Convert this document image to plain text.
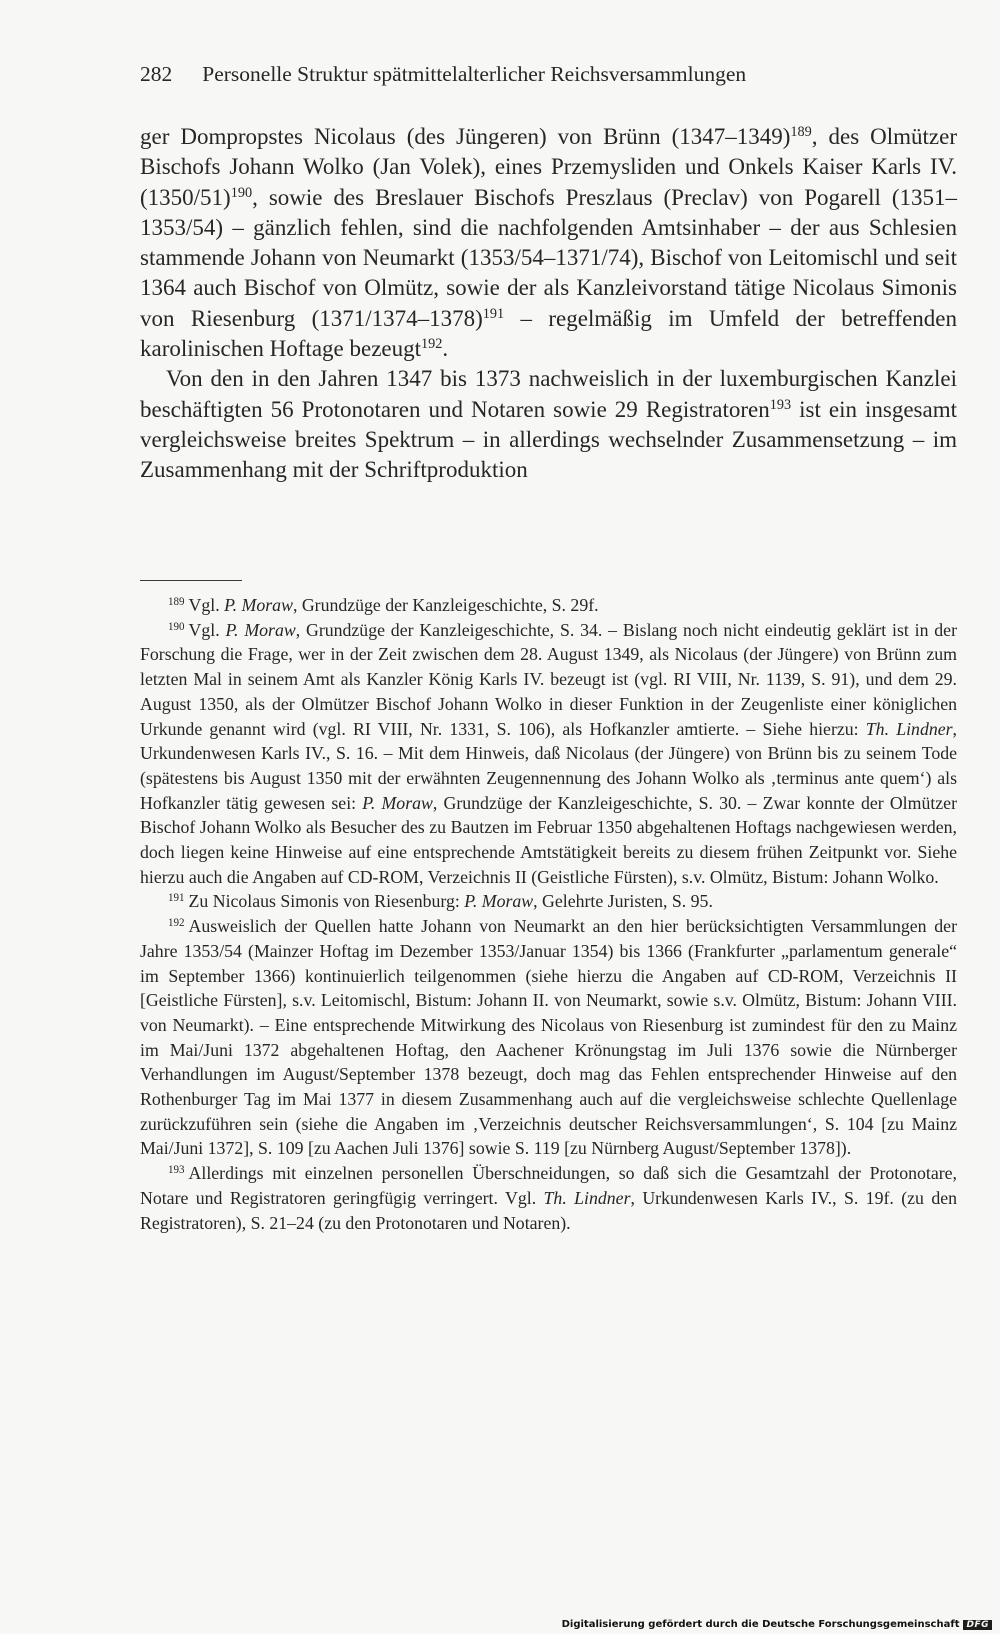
282 Personelle Struktur spätmittelalterlicher Reichsversammlungen

ger Dompropstes Nicolaus (des Jüngeren) von Brünn (1347–1349)$^{189}$, des Olmützer Bischofs Johann Wolko (Jan Volek), eines Przemysliden und Onkels Kaiser Karls IV. $(1350/51)^{190}$, sowie des Breslauer Bischofs Preszlaus (Preclav) von Pogarell (1351–1353/54) – gänzlich fehlen, sind die nachfolgenden Amtsinhaber – der aus Schlesien stammende Johann von Neumarkt (1353/54–1371/74), Bischof von Leitomischl und seit 1364 auch Bischof von Olmütz, sowie der als Kanzleivorstand tätige Nicolaus Simonis von Riesenburg $(1371/1374-1378)^{191}$ – regelmäßig im Umfeld der betreffenden karolinischen Hoftage bezeugt$^{192}$.

Von den in den Jahren 1347 bis 1373 nachweislich in der luxemburgischen Kanzlei beschäftigten 56 Protonotaren und Notaren sowie 29 Registratoren$^{193}$ ist ein insgesamt vergleichsweise breites Spektrum – in allerdings wechselnder Zusammensetzung – im Zusammenhang mit der Schriftproduktion

$^{189}$ Vgl. P. Moraw, Grundzüge der Kanzleigeschichte, S. 29f.

$^{190}$ Vgl. P. Moraw, Grundzüge der Kanzleigeschichte, S. 34. – Bislang noch nicht eindeutig geklärt ist in der Forschung die Frage, wer in der Zeit zwischen dem 28. August 1349, als Nicolaus (der Jüngere) von Brünn zum letzten Mal in seinem Amt als Kanzler König Karls IV. bezeugt ist (vgl. RI VIII, Nr. 1139, S. 91), und dem 29. August 1350, als der Olmützer Bischof Johann Wolko in dieser Funktion in der Zeugenliste einer königlichen Urkunde genannt wird (vgl. RI VIII, Nr. 1331, S. 106), als Hofkanzler amtierte. – Siehe hierzu: Th. Lindner, Urkundenwesen Karls IV., S. 16. – Mit dem Hinweis, daß Nicolaus (der Jüngere) von Brünn bis zu seinem Tode (spätestens bis August 1350 mit der erwähnten Zeugennennung des Johann Wolko als ‚terminus ante quem‘) als Hofkanzler tätig gewesen sei: P. Moraw, Grundzüge der Kanzleigeschichte, S. 30. – Zwar konnte der Olmützer Bischof Johann Wolko als Besucher des zu Bautzen im Februar 1350 abgehaltenen Hoftags nachgewiesen werden, doch liegen keine Hinweise auf eine entsprechende Amtstätigkeit bereits zu diesem frühen Zeitpunkt vor. Siehe hierzu auch die Angaben auf CD-ROM, Verzeichnis II (Geistliche Fürsten), s.v. Olmütz, Bistum: Johann Wolko.

$^{191}$ Zu Nicolaus Simonis von Riesenburg: P. Moraw, Gelehrte Juristen, S. 95.

$^{192}$ Ausweislich der Quellen hatte Johann von Neumarkt an den hier berücksichtigten Versammlungen der Jahre 1353/54 (Mainzer Hoftag im Dezember 1353/Januar 1354) bis 1366 (Frankfurter „parlamentum generale“ im September 1366) kontinuierlich teilgenommen (siehe hierzu die Angaben auf CD-ROM, Verzeichnis II [Geistliche Fürsten], s.v. Leitomischl, Bistum: Johann II. von Neumarkt, sowie s.v. Olmütz, Bistum: Johann VIII. von Neumarkt). – Eine entsprechende Mitwirkung des Nicolaus von Riesenburg ist zumindest für den zu Mainz im Mai/Juni 1372 abgehaltenen Hoftag, den Aachener Krönungstag im Juli 1376 sowie die Nürnberger Verhandlungen im August/September 1378 bezeugt, doch mag das Fehlen entsprechender Hinweise auf den Rothenburger Tag im Mai 1377 in diesem Zusammenhang auch auf die vergleichsweise schlechte Quellenlage zurückzuführen sein (siehe die Angaben im ‚Verzeichnis deutscher Reichsversammlungen‘, S. 104 [zu Mainz Mai/Juni 1372], S. 109 [zu Aachen Juli 1376] sowie S. 119 [zu Nürnberg August/September 1378]).

$^{193}$ Allerdings mit einzelnen personellen Überschneidungen, so daß sich die Gesamtzahl der Protonotare, Notare und Registratoren geringfügig verringert. Vgl. Th. Lindner, Urkundenwesen Karls IV., S. 19f. (zu den Registratoren), S. 21–24 (zu den Protonotaren und Notaren).

Digitalisierung gefördert durch die Deutsche Forschungsgemeinschaft DFG
